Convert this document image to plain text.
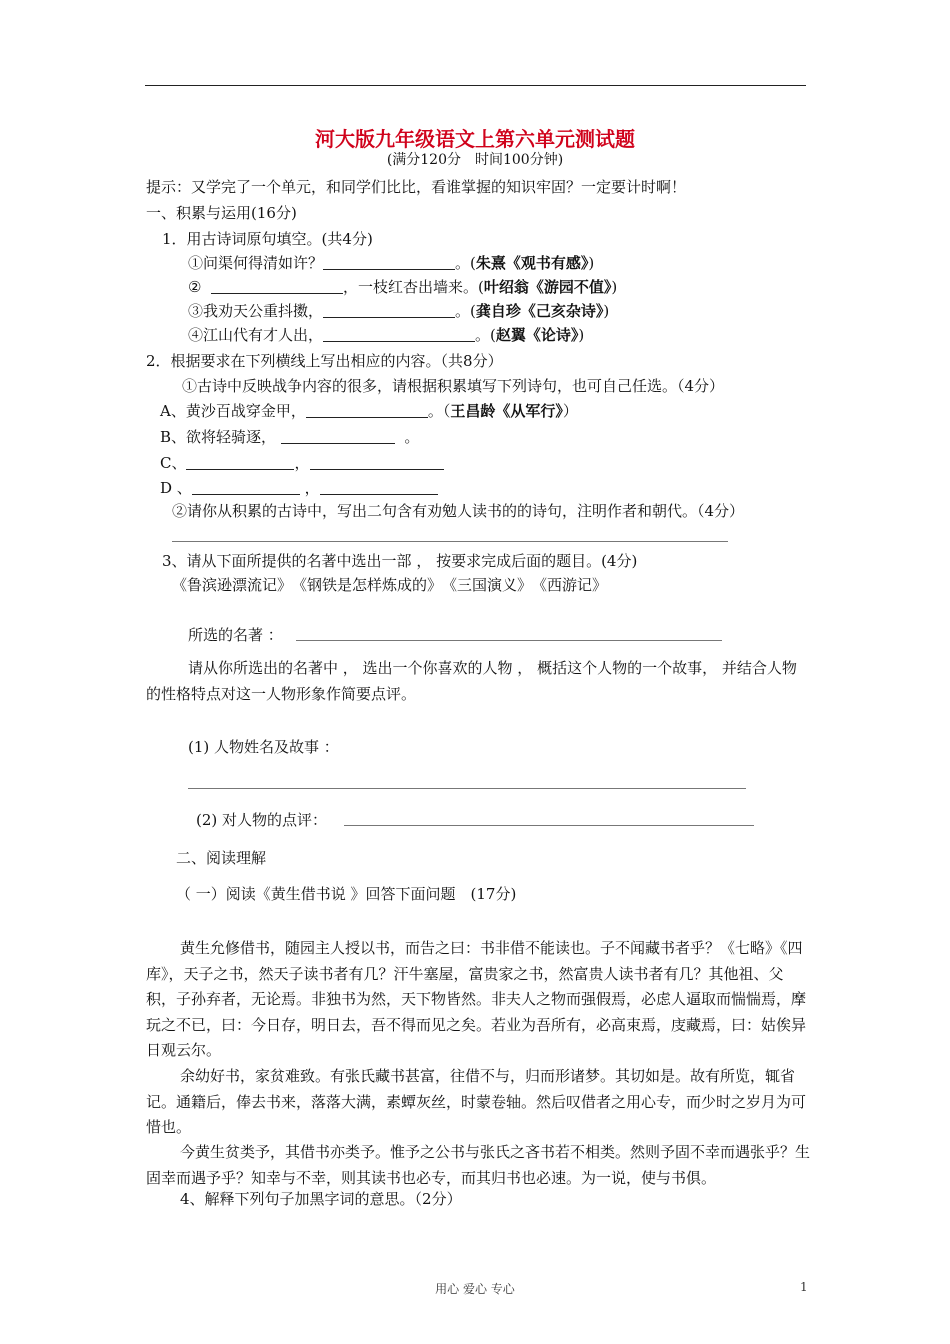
河大版九年级语文上第六单元测试题
(满分120分　时间100分钟)
提示：又学完了一个单元，和同学们比比，看谁掌握的知识牢固？一定要计时啊！
一、积累与运用(16分)
1．用古诗词原句填空。(共4分)
①问渠何得清如许？	。(朱熹《观书有感》)
②	，一枝红杏出墙来。(叶绍翁《游园不值》)
③我劝天公重抖擞，	。(龚自珍《己亥杂诗》)
④江山代有才人出，	。(赵翼《论诗》)
2．根据要求在下列横线上写出相应的内容。（共8分）
①古诗中反映战争内容的很多，请根据积累填写下列诗句，也可自己任选。（4分）
A、黄沙百战穿金甲，	。（王昌龄《从军行》）
B、欲将轻骑逐，	。
C、	，
D 、	，
②请你从积累的古诗中，写出二句含有劝勉人读书的的诗句，注明作者和朝代。（4分）
3、请从下面所提供的名著中选出一部 ， 按要求完成后面的题目。(4分)
《鲁滨逊漂流记》　《钢铁是怎样炼成的》　《三国演义》　《西游记》
所选的名著 ：
请从你所选出的名著中 ， 选出一个你喜欢的人物 ， 概括这个人物的一个故事， 并结合人物的性格特点对这一人物形象作简要点评。
(1) 人物姓名及故事 ：
(2) 对人物的点评：
二、阅读理解
（ 一）阅读《黄生借书说 》回答下面问题　(17分)
黄生允修借书，随园主人授以书，而告之曰：书非借不能读也。子不闻藏书者乎？《七略》《四库》，天子之书，然天子读书者有几？汗牛塞屋，富贵家之书，然富贵人读书者有几？其他祖、父积，子孙弃者，无论焉。非独书为然，天下物皆然。非夫人之物而强假焉，必虑人逼取而惴惴焉，摩玩之不已，曰：今日存，明日去，吾不得而见之矣。若业为吾所有，必高束焉，庋藏焉，曰：姑俟异日观云尔。
余幼好书，家贫难致。有张氏藏书甚富，往借不与，归而形诸梦。其切如是。故有所览，辄省记。通籍后，俸去书来，落落大满，素蟫灰丝，时蒙卷轴。然后叹借者之用心专，而少时之岁月为可惜也。
今黄生贫类予，其借书亦类予。惟予之公书与张氏之吝书若不相类。然则予固不幸而遇张乎？生固幸而遇予乎？知幸与不幸，则其读书也必专，而其归书也必速。为一说，使与书俱。
4、解释下列句子加黑字词的意思。（2分）
用心 爱心 专心	1
